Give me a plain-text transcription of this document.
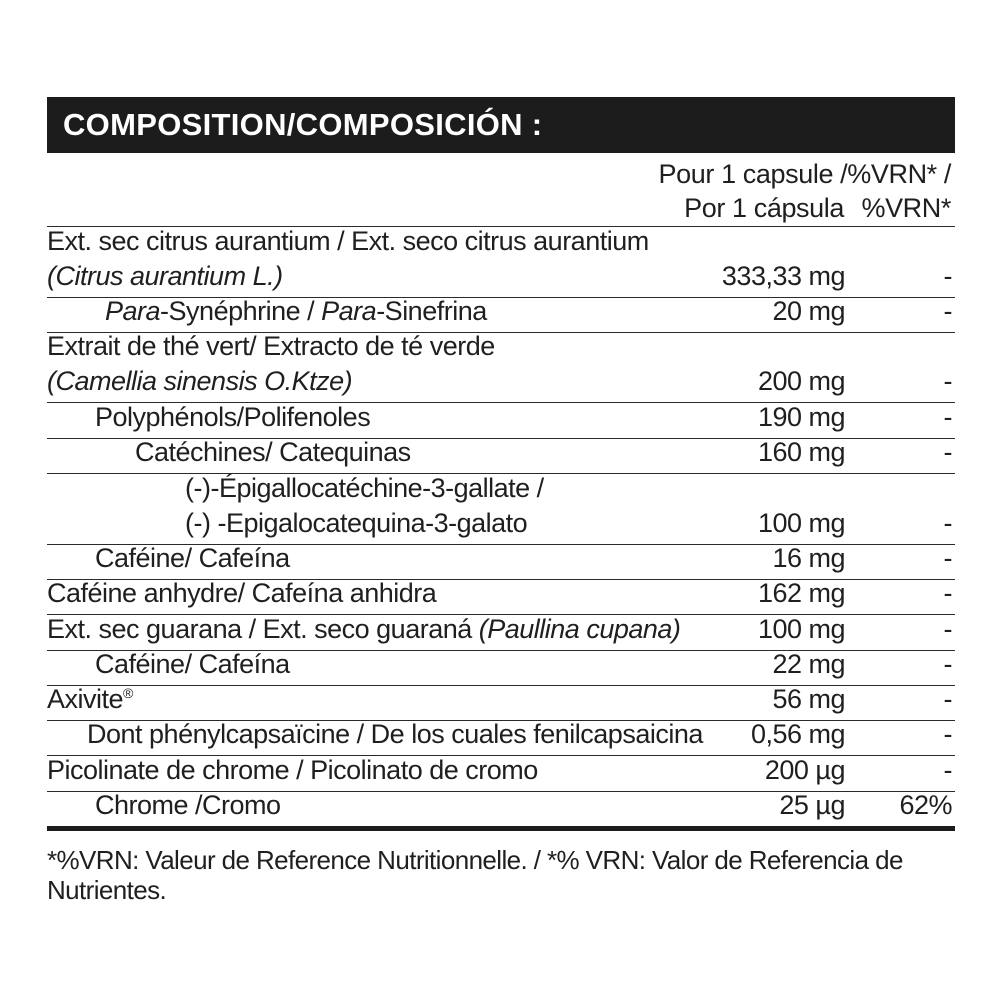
COMPOSITION/COMPOSICIÓN :
Pour 1 capsule /%VRN* /
Por 1 cápsula %VRN*
Ext. sec citrus aurantium / Ext. seco citrus aurantium
(Citrus aurantium L.)	333,33 mg	-
Para-Synéphrine / Para-Sinefrina	20 mg	-
Extrait de thé vert/ Extracto de té verde
(Camellia sinensis O.Ktze)	200 mg	-
Polyphénols/Polifenoles	190 mg	-
Catéchines/ Catequinas	160 mg	-
(-)-Épigallocatéchine-3-gallate /
(-) -Epigalocatequina-3-galato	100 mg	-
Caféine/ Cafeína	16 mg	-
Caféine anhydre/ Cafeína anhidra	162 mg	-
Ext. sec guarana / Ext. seco guaraná (Paullina cupana)	100 mg	-
Caféine/ Cafeína	22 mg	-
Axivite®	56 mg	-
Dont phénylcapsaïcine / De los cuales fenilcapsaicina 0,56 mg	-
Picolinate de chrome / Picolinato de cromo	200 µg	-
Chrome /Cromo	25 µg 62%
*%VRN: Valeur de Reference Nutritionnelle. / *% VRN: Valor de Referencia de Nutrientes.
